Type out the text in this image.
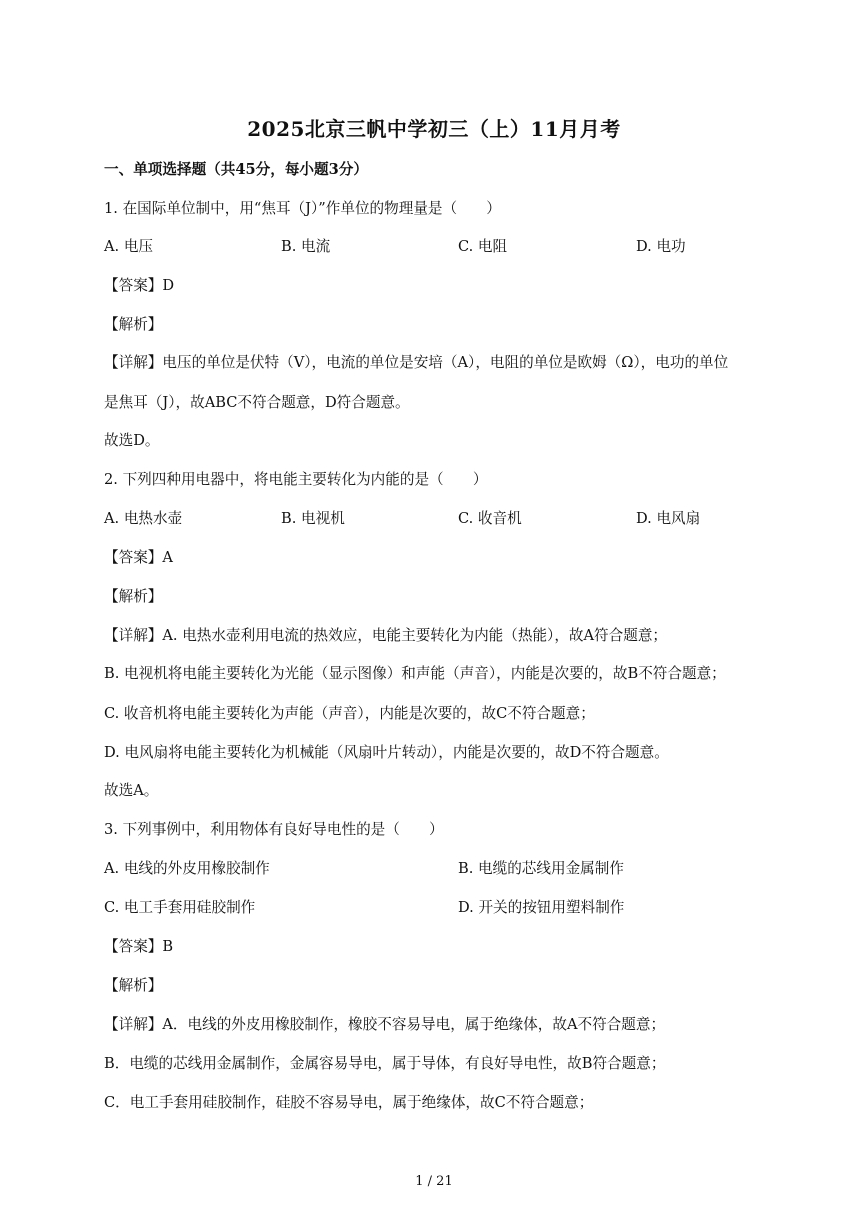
2025北京三帆中学初三（上）11月月考
一、单项选择题（共45分，每小题3分）
1. 在国际单位制中，用“焦耳（J）”作单位的物理量是（　　）
A. 电压	B. 电流	C. 电阻	D. 电功
【答案】D
【解析】
【详解】电压的单位是伏特（V），电流的单位是安培（A），电阻的单位是欧姆（Ω），电功的单位
是焦耳（J），故ABC不符合题意，D符合题意。
故选D。
2. 下列四种用电器中，将电能主要转化为内能的是（　　）
A. 电热水壶	B. 电视机	C. 收音机	D. 电风扇
【答案】A
【解析】
【详解】A. 电热水壶利用电流的热效应，电能主要转化为内能（热能），故A符合题意；
B. 电视机将电能主要转化为光能（显示图像）和声能（声音），内能是次要的，故B不符合题意；
C. 收音机将电能主要转化为声能（声音），内能是次要的，故C不符合题意；
D. 电风扇将电能主要转化为机械能（风扇叶片转动），内能是次要的，故D不符合题意。
故选A。
3. 下列事例中，利用物体有良好导电性的是（　　）
A. 电线的外皮用橡胶制作	B. 电缆的芯线用金属制作
C. 电工手套用硅胶制作	D. 开关的按钮用塑料制作
【答案】B
【解析】
【详解】A．电线的外皮用橡胶制作，橡胶不容易导电，属于绝缘体，故A不符合题意；
B．电缆的芯线用金属制作，金属容易导电，属于导体，有良好导电性，故B符合题意；
C．电工手套用硅胶制作，硅胶不容易导电，属于绝缘体，故C不符合题意；
1 / 21
